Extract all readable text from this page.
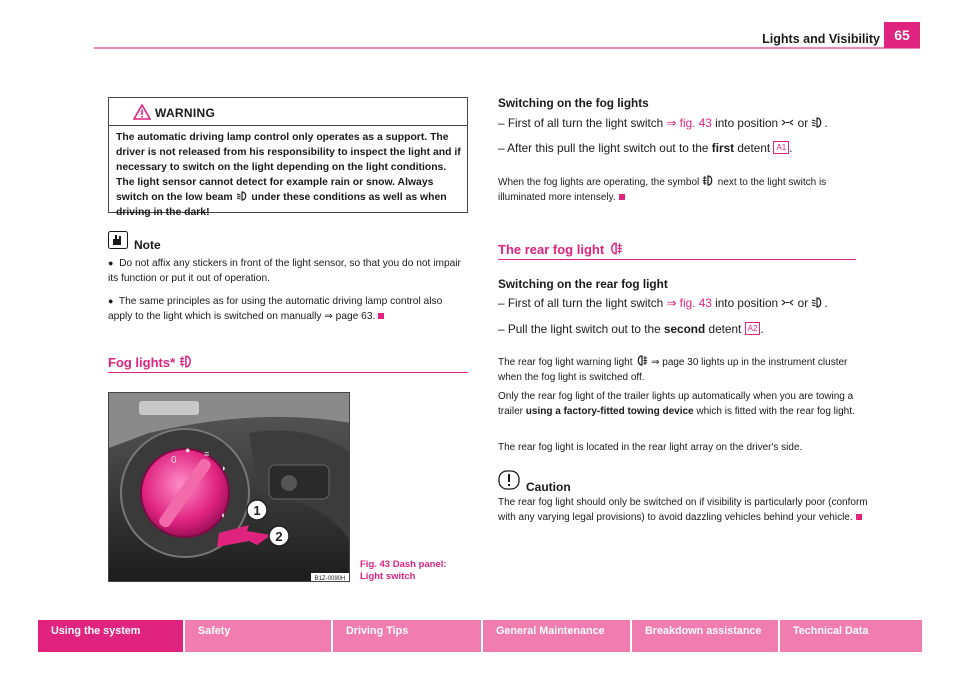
Lights and Visibility	65
WARNING
The automatic driving lamp control only operates as a support. The driver is not released from his responsibility to inspect the light and if necessary to switch on the light depending on the light conditions. The light sensor cannot detect for example rain or snow. Always switch on the low beam under these conditions as well as when driving in the dark!
Note

● Do not affix any stickers in front of the light sensor, so that you do not impair its function or put it out of operation.

● The same principles as for using the automatic driving lamp control also apply to the light which is switched on manually ⇒ page 63.

Fog lights*
0
● ≡
◗
◐ 1
2
B1Z-0090H
Fig. 43 Dash panel:
Light switch
Switching on the fog lights
– First of all turn the light switch ⇒ fig. 43 into position or .
– After this pull the light switch out to the first detent A1 .
When the fog lights are operating, the symbol next to the light switch is illuminated more intensely.
The rear fog light
Switching on the rear fog light
– First of all turn the light switch ⇒ fig. 43 into position or .
– Pull the light switch out to the second detent A2 .
The rear fog light warning light ⇒ page 30 lights up in the instrument cluster when the fog light is switched off.
Only the rear fog light of the trailer lights up automatically when you are towing a trailer using a factory-fitted towing device which is fitted with the rear fog light.
The rear fog light is located in the rear light array on the driver's side.
Caution
The rear fog light should only be switched on if visibility is particularly poor (conform with any varying legal provisions) to avoid dazzling vehicles behind your vehicle.
Using the system	Safety	Driving Tips	General Maintenance	Breakdown assistance	Technical Data
